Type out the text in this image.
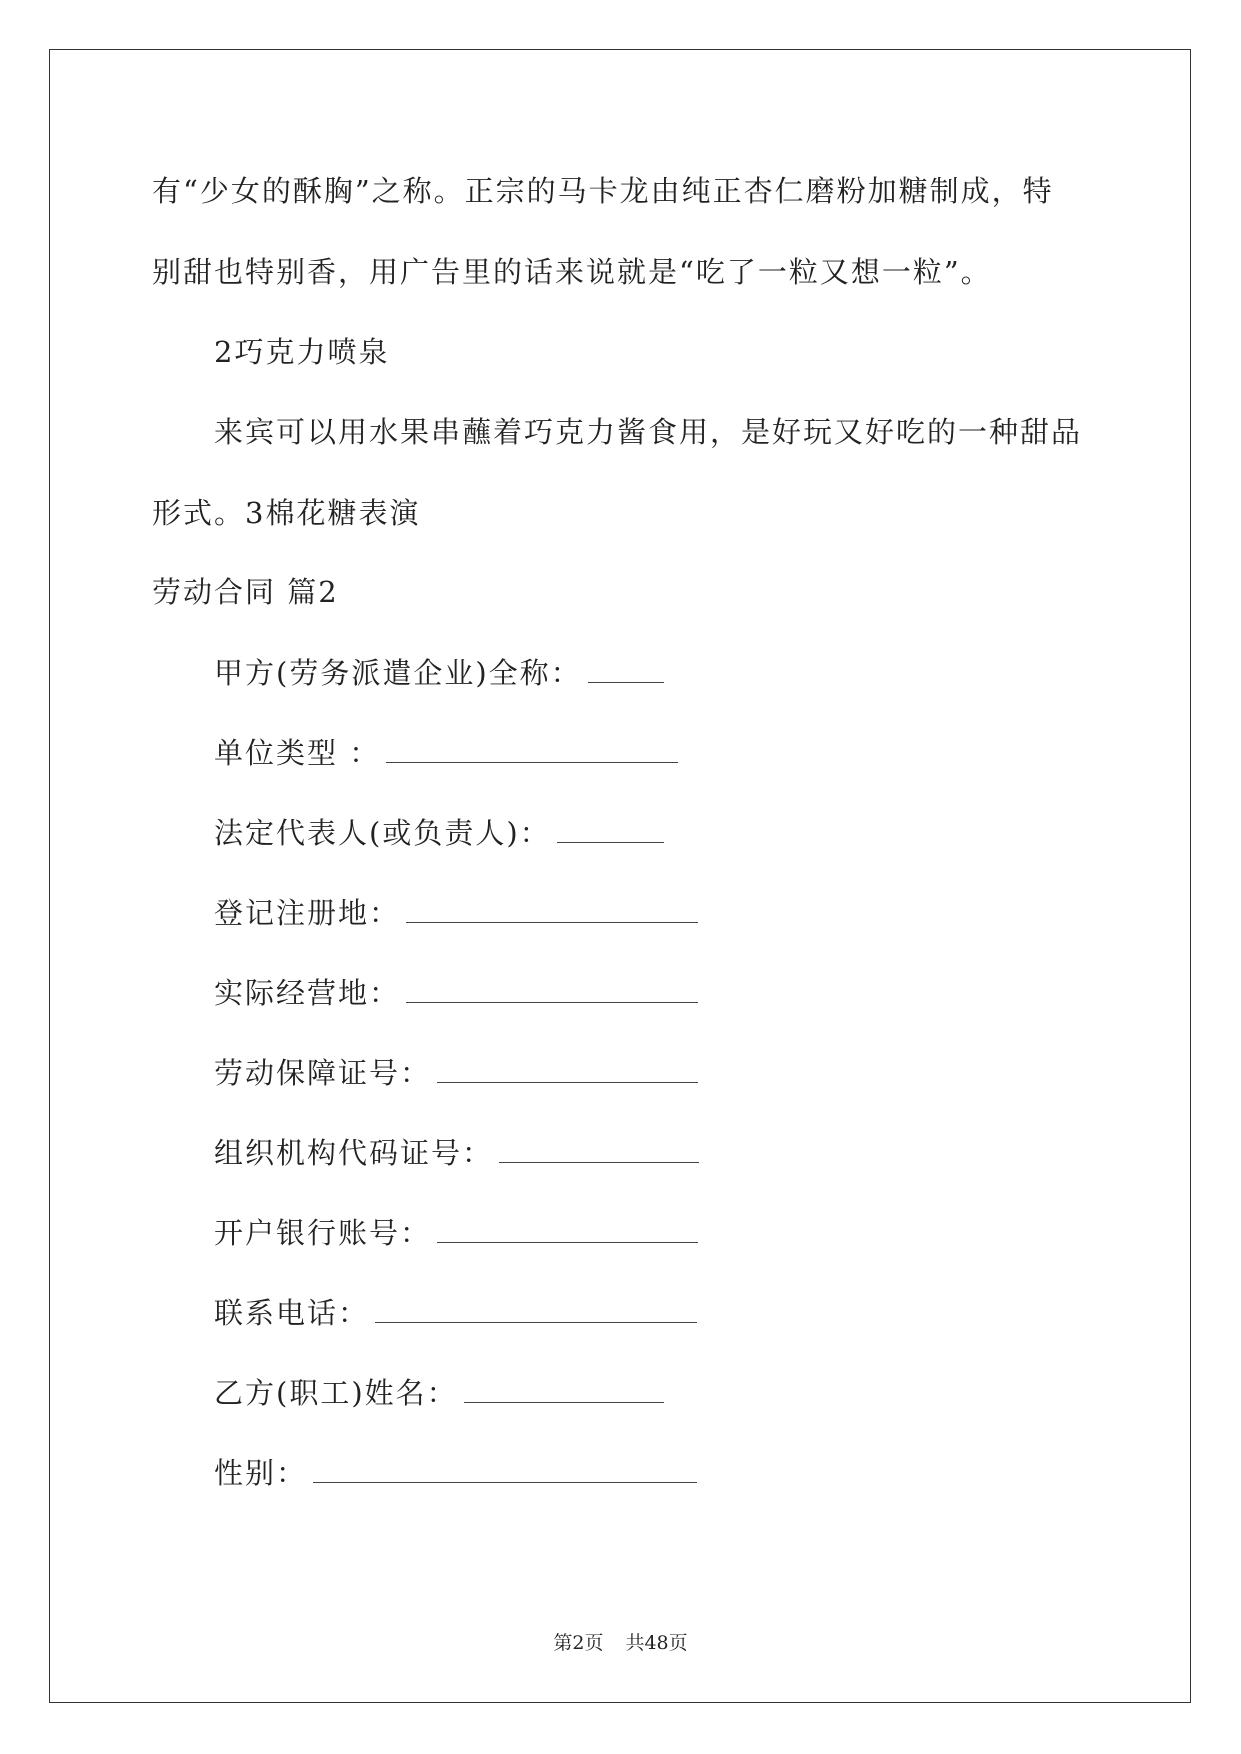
有“少女的酥胸”之称。正宗的马卡龙由纯正杏仁磨粉加糖制成，特
别甜也特别香，用广告里的话来说就是“吃了一粒又想一粒”。
2巧克力喷泉
来宾可以用水果串蘸着巧克力酱食用，是好玩又好吃的一种甜品
形式。3棉花糖表演
劳动合同 篇2
甲方(劳务派遣企业)全称：
单位类型 ：
法定代表人(或负责人)：
登记注册地：
实际经营地：
劳动保障证号：
组织机构代码证号：
开户银行账号：
联系电话：
乙方(职工)姓名：
性别：
第2页 共48页
